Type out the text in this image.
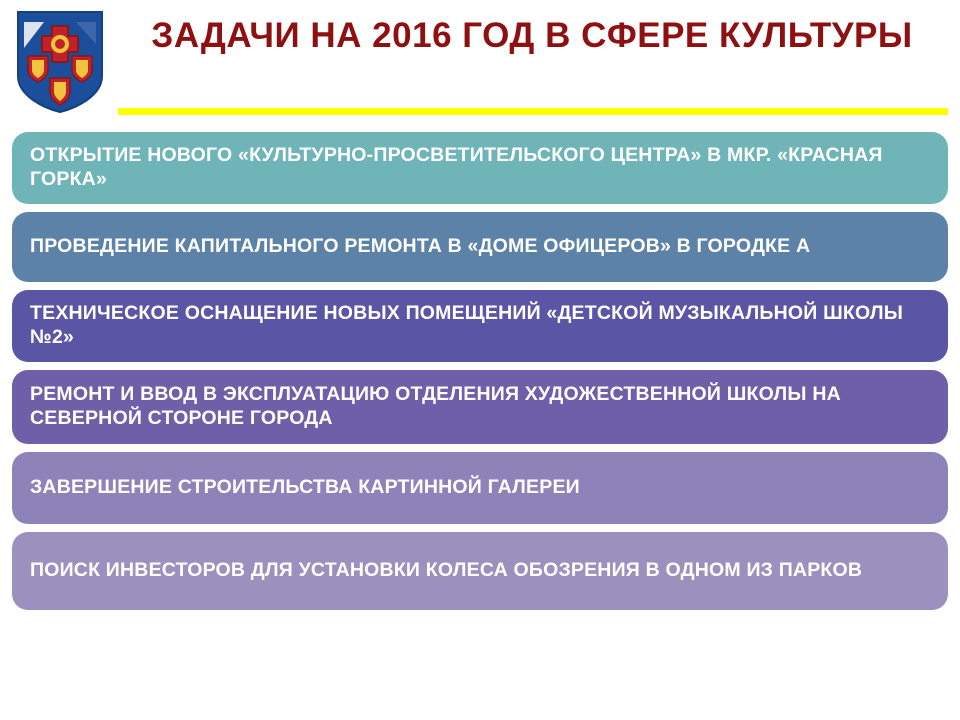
ЗАДАЧИ НА 2016 ГОД В СФЕРЕ КУЛЬТУРЫ
ОТКРЫТИЕ НОВОГО «КУЛЬТУРНО-ПРОСВЕТИТЕЛЬСКОГО ЦЕНТРА» В МКР. «КРАСНАЯ ГОРКА»
ПРОВЕДЕНИЕ КАПИТАЛЬНОГО РЕМОНТА В «ДОМЕ ОФИЦЕРОВ» В ГОРОДКЕ А
ТЕХНИЧЕСКОЕ ОСНАЩЕНИЕ НОВЫХ ПОМЕЩЕНИЙ «ДЕТСКОЙ МУЗЫКАЛЬНОЙ ШКОЛЫ №2»
РЕМОНТ И ВВОД В ЭКСПЛУАТАЦИЮ ОТДЕЛЕНИЯ ХУДОЖЕСТВЕННОЙ ШКОЛЫ НА СЕВЕРНОЙ СТОРОНЕ ГОРОДА
ЗАВЕРШЕНИЕ СТРОИТЕЛЬСТВА КАРТИННОЙ ГАЛЕРЕИ
ПОИСК ИНВЕСТОРОВ ДЛЯ УСТАНОВКИ КОЛЕСА ОБОЗРЕНИЯ В ОДНОМ ИЗ ПАРКОВ
